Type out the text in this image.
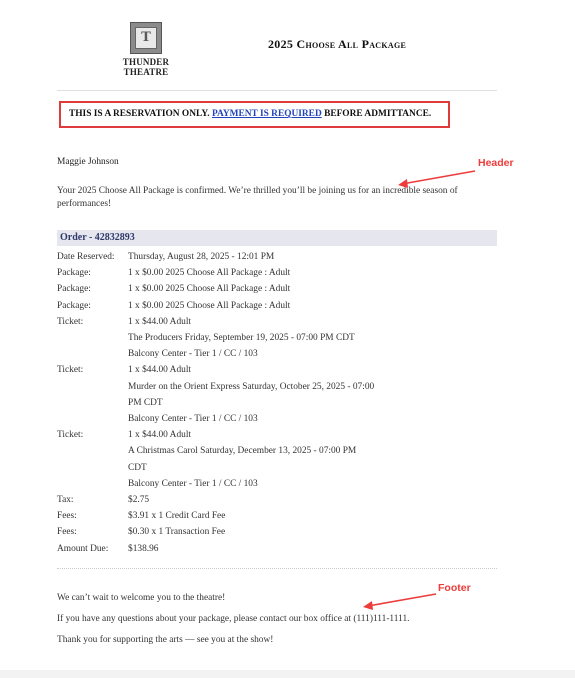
T
THUNDER THEATRE
2025 Choose All Package
THIS IS A RESERVATION ONLY. PAYMENT IS REQUIRED BEFORE ADMITTANCE.
Maggie Johnson
Your 2025 Choose All Package is confirmed. We’re thrilled you’ll be joining us for an incredible season of performances!
Order - 42832893
Date Reserved:	Thursday, August 28, 2025 - 12:01 PM
Package:	1 x $0.00 2025 Choose All Package : Adult
Package:	1 x $0.00 2025 Choose All Package : Adult
Package:	1 x $0.00 2025 Choose All Package : Adult
Ticket:	1 x $44.00 Adult
The Producers Friday, September 19, 2025 - 07:00 PM CDT
Balcony Center - Tier 1 / CC / 103
Ticket:	1 x $44.00 Adult
Murder on the Orient Express Saturday, October 25, 2025 - 07:00
PM CDT
Balcony Center - Tier 1 / CC / 103
Ticket:	1 x $44.00 Adult
A Christmas Carol Saturday, December 13, 2025 - 07:00 PM
CDT
Balcony Center - Tier 1 / CC / 103
Tax:	$2.75
Fees:	$3.91 x 1 Credit Card Fee
Fees:	$0.30 x 1 Transaction Fee
Amount Due:	$138.96
We can’t wait to welcome you to the theatre!
If you have any questions about your package, please contact our box office at (111)111-1111.
Thank you for supporting the arts — see you at the show!
Header
Footer
